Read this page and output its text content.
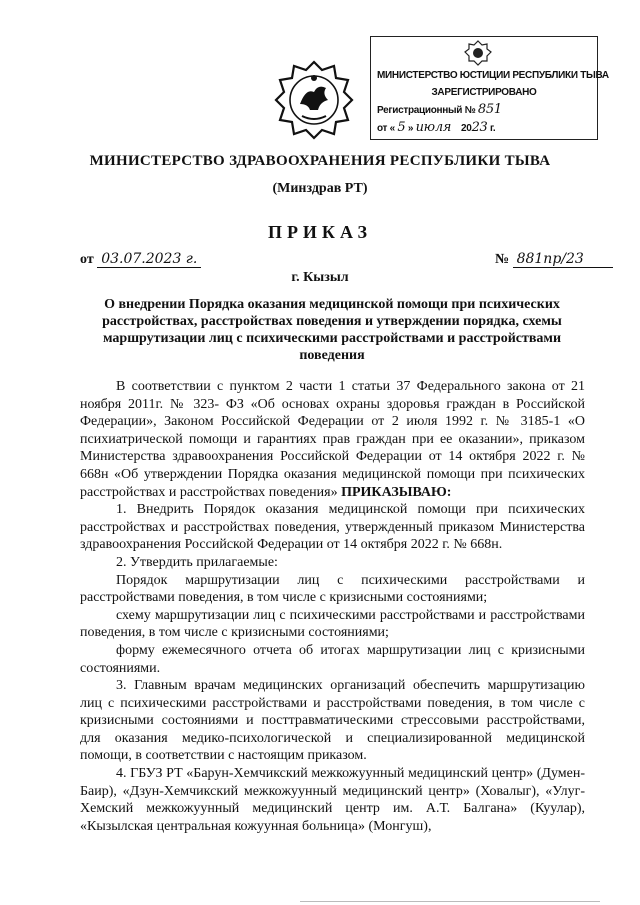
МИНИСТЕРСТВО ЮСТИЦИИ РЕСПУБЛИКИ ТЫВА
ЗАРЕГИСТРИРОВАНО
Регистрационный № 851
от « 5 » июля 2023 г.
МИНИСТЕРСТВО ЗДРАВООХРАНЕНИЯ РЕСПУБЛИКИ ТЫВА
(Минздрав РТ)
ПРИКАЗ
от 03.07.2023 г.	№ 881пр/23
г. Кызыл
О внедрении Порядка оказания медицинской помощи при психических расстройствах, расстройствах поведения и утверждении порядка, схемы маршрутизации лиц с психическими расстройствами и расстройствами поведения

В соответствии с пунктом 2 части 1 статьи 37 Федерального закона от 21 ноября 2011г. № 323- ФЗ «Об основах охраны здоровья граждан в Российской Федерации», Законом Российской Федерации от 2 июля 1992 г. № 3185-1 «О психиатрической помощи и гарантиях прав граждан при ее оказании», приказом Министерства здравоохранения Российской Федерации от 14 октября 2022 г. № 668н «Об утверждении Порядка оказания медицинской помощи при психических расстройствах и расстройствах поведения» ПРИКАЗЫВАЮ:

1. Внедрить Порядок оказания медицинской помощи при психических расстройствах и расстройствах поведения, утвержденный приказом Министерства здравоохранения Российской Федерации от 14 октября 2022 г. № 668н.

2. Утвердить прилагаемые:

Порядок маршрутизации лиц с психическими расстройствами и расстройствами поведения, в том числе с кризисными состояниями;

схему маршрутизации лиц с психическими расстройствами и расстройствами поведения, в том числе с кризисными состояниями;

форму ежемесячного отчета об итогах маршрутизации лиц с кризисными состояниями.

3. Главным врачам медицинских организаций обеспечить маршрутизацию лиц с психическими расстройствами и расстройствами поведения, в том числе с кризисными состояниями и посттравматическими стрессовыми расстройствами, для оказания медико-психологической и специализированной медицинской помощи, в соответствии с настоящим приказом.

4. ГБУЗ РТ «Барун-Хемчикский межкожуунный медицинский центр» (Думен-Баир), «Дзун-Хемчикский межкожуунный медицинский центр» (Ховалыг), «Улуг-Хемский межкожуунный медицинский центр им. А.Т. Балгана» (Куулар), «Кызылская центральная кожуунная больница» (Монгуш),
